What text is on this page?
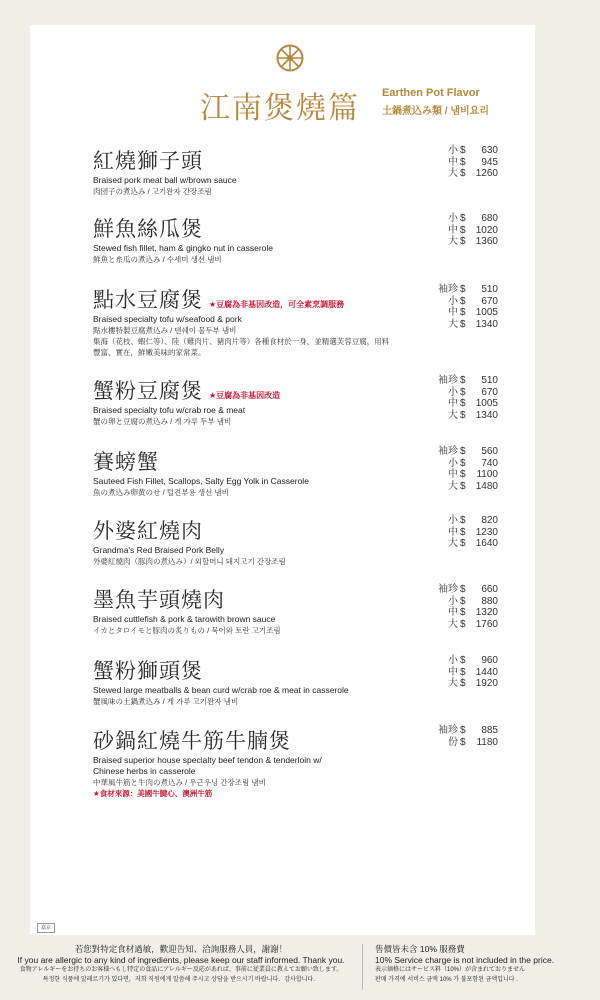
江南煲燒篇 Earthen Pot Flavor
土鍋煮込み類 / 냄비요리
紅燒獅子頭
Braised pork meat ball w/brown sauce
肉団子の煮込み / 고기완자 간장조림
小 $	630
中 $	945
大 $	1260
鮮魚絲瓜煲
Stewed fish fillet, ham & gingko nut in casserole
鮮魚と糸瓜の煮込み / 수세미 생선 냄비
小 $	680
中 $	1020
大 $	1360
點水豆腐煲 ★豆腐為非基因改造，可全素烹調服務
Braised specialty tofu w/seafood & pork
點水樓特製豆腐煮込み / 덴쉐이 물두부 냄비
集海（花枝、蝦仁等）、陸（雞肉片、豬肉片等）各種食材於一身，並精選芙蓉豆腐，用料豐富、實在，鮮嫩美味的家常菜。
袖珍 $	510
小 $	670
中 $	1005
大 $	1340
蟹粉豆腐煲 ★豆腐為非基因改造
Braised specialty tofu w/crab roe & meat
蟹の卵と豆腐の煮込み / 게 가루 두부 냄비
袖珍 $	510
小 $	670
中 $	1005
大 $	1340
賽螃蟹
Sauteed Fish Fillet, Scallops, Salty Egg Yolk in Casserole
魚の煮込み卵黄のせ / 털견부용 생선 냄비
袖珍 $	560
小 $	740
中 $	1100
大 $	1480
外婆紅燒肉
Grandma's Red Braised Pork Belly
外婆紅燒肉（豚肉の煮込み）/ 외할머니 돼지고기 간장조림
小 $	820
中 $	1230
大 $	1640
墨魚芋頭燒肉
Braised cuttlefish & pork & tarowith brown sauce
イカとタロイモと豚肉の炙りもの / 묵어와 토란 고기조림
袖珍 $	660
小 $	880
中 $	1320
大 $	1760
蟹粉獅頭煲
Stewed large meatballs & bean curd w/crab roe & meat in casserole
蟹風味の土鍋煮込み / 게 가루 고기완자 냄비
小 $	960
中 $	1440
大 $	1920
砂鍋紅燒牛筋牛腩煲
Braised superior house specialty beef tendon & tenderloin w/ Chinese herbs in casserole
中華風牛筋と牛肉の煮込み / 우근우닝 간장조림 냄비
★食材來源：美國牛腱心、澳洲牛筋
袖珍 $	885
份 $	1180
嘉京
若您對特定食材過敏，歡迎告知、洽詢服務人員，謝謝！
If you are allergic to any kind of ingredients, please keep our staff informed. Thank you.
食物アレルギーをお持ちのお客様へもし特定の食品にアレルギー反応があれば、事前に従業員に教えてお願い致します。
특정한 식품에 알레르기가 있다면，저희 직원에게 알씀해 주시고 상담을 받으시기 바랍니다．감사합니다．
售價皆未含 10% 服務費
10% Service charge is not included in the price.
表示価格にはサービス料（10%）が含まれておりません
판매 가격에 서비스 금액 10% 가 불포함된 금액입니다 .
